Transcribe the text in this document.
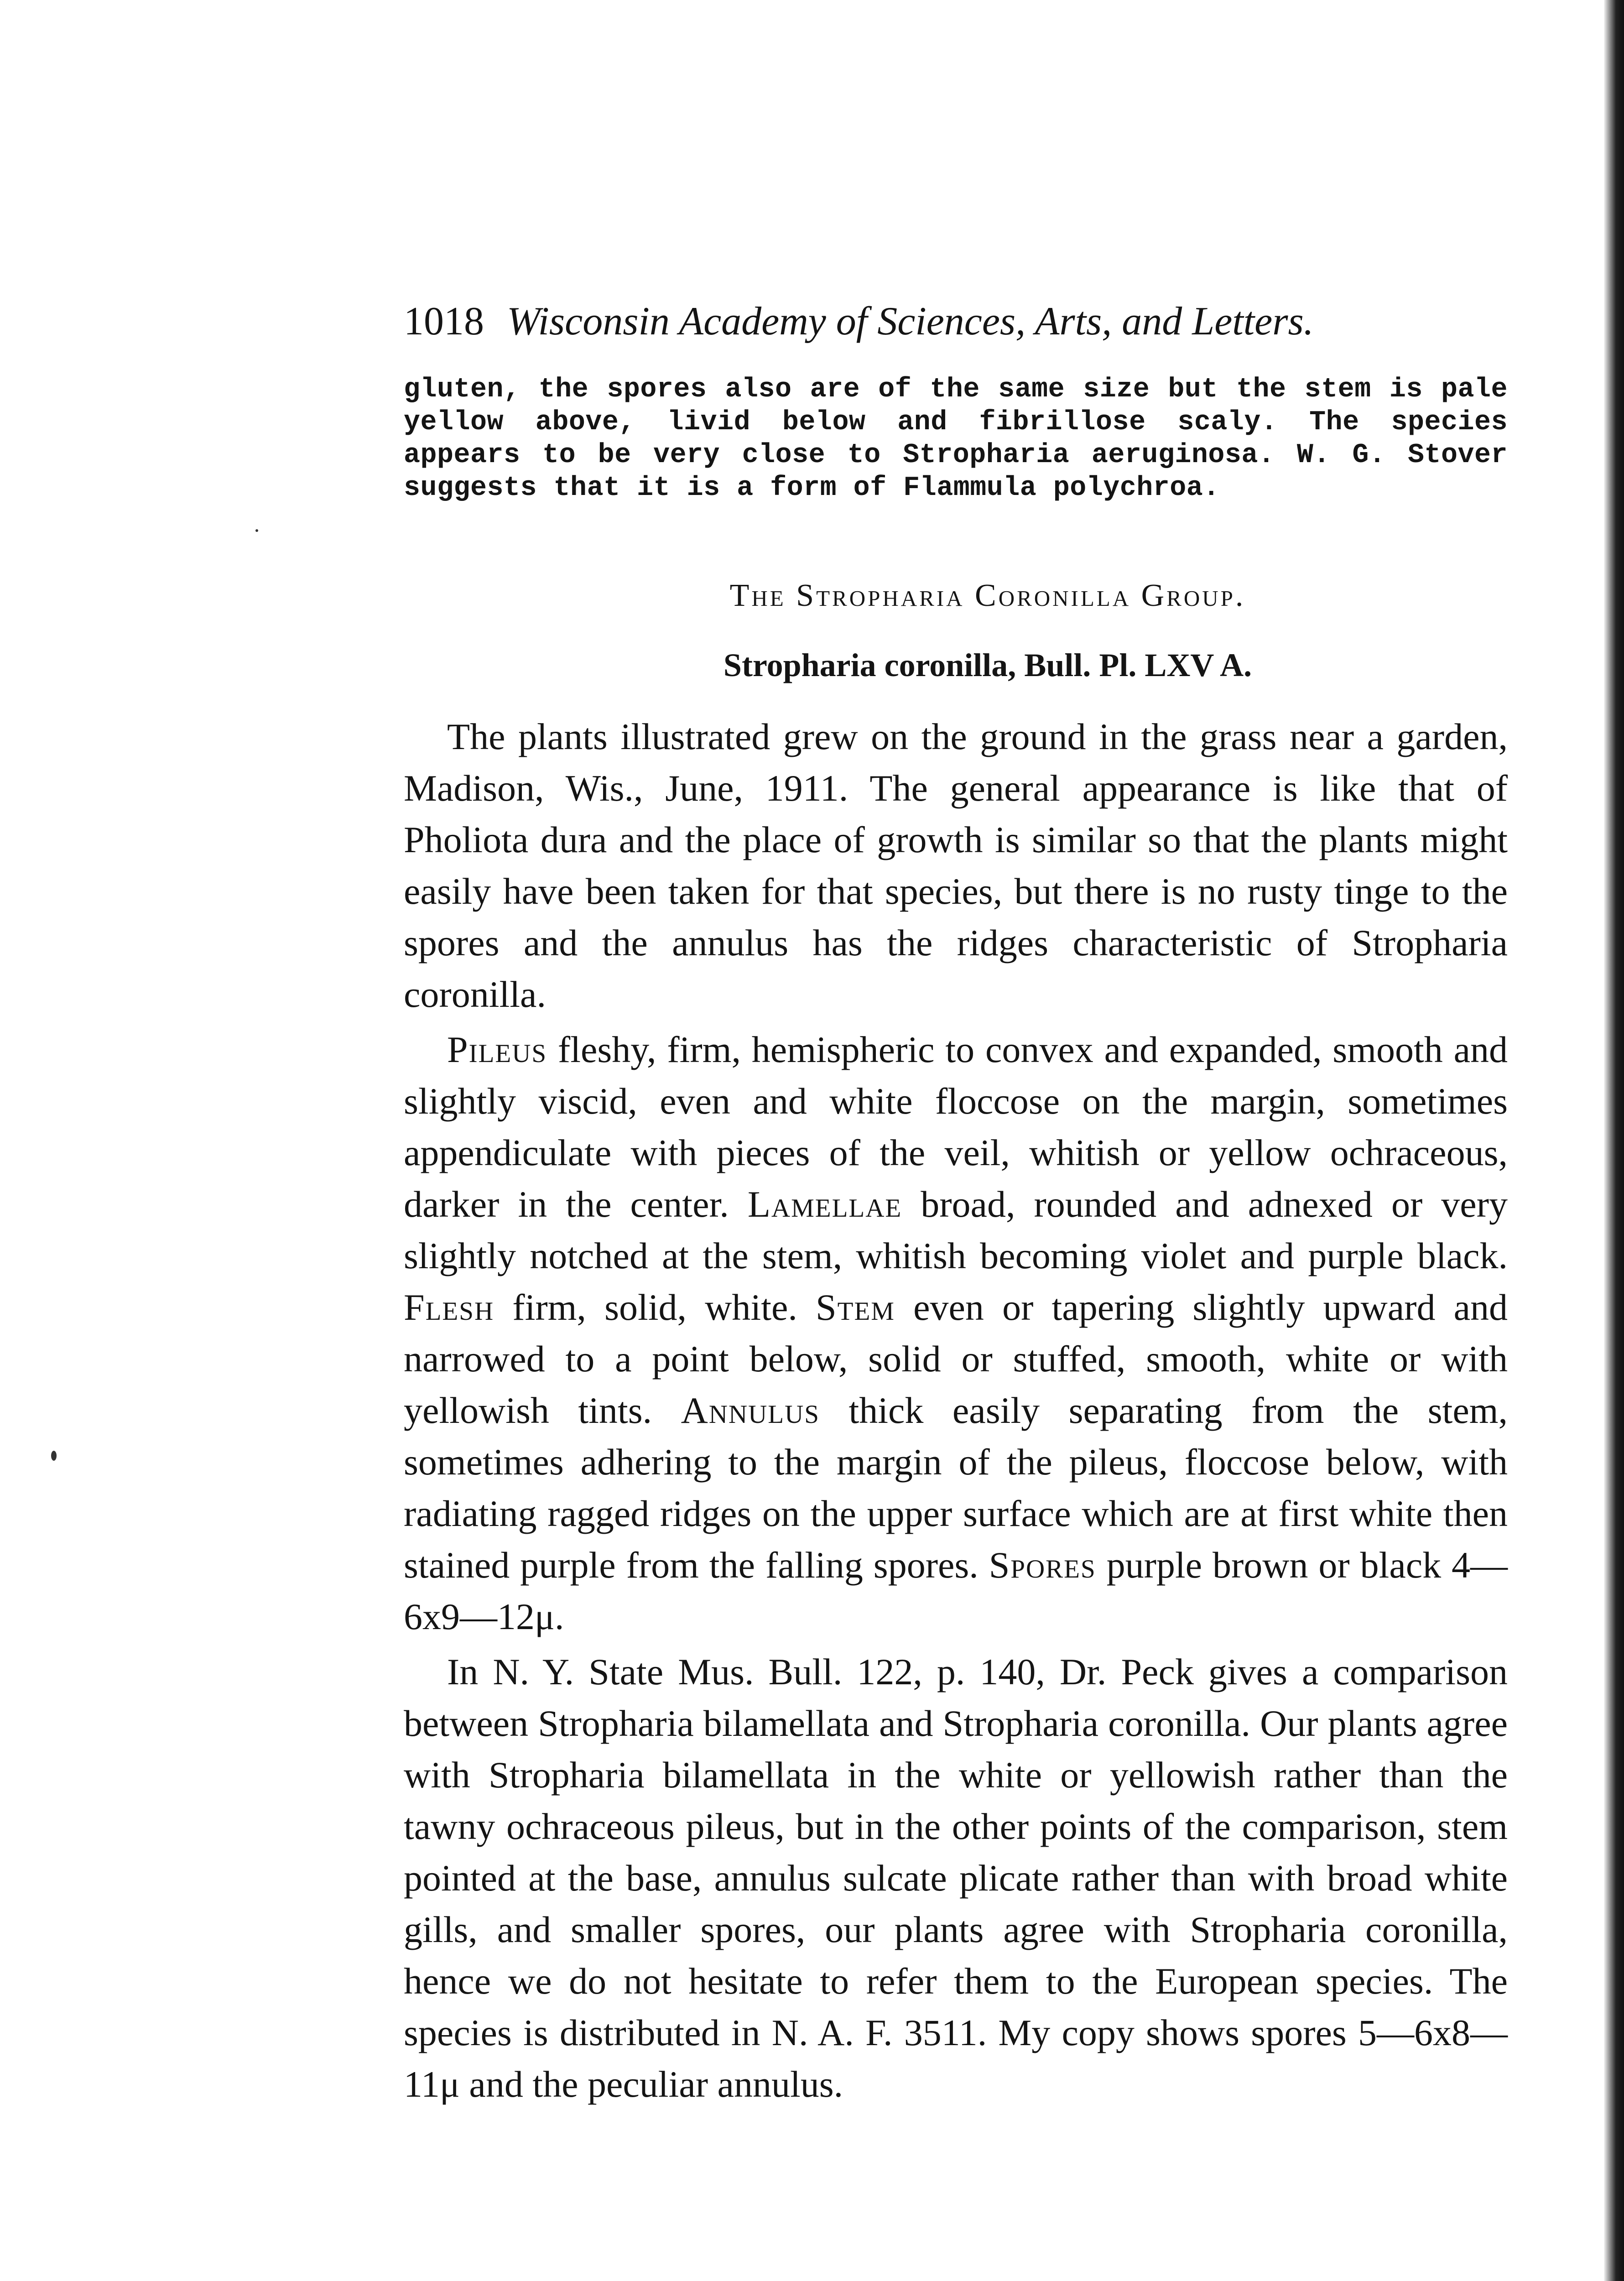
1018 Wisconsin Academy of Sciences, Arts, and Letters.
gluten, the spores also are of the same size but the stem is pale yellow above, livid below and fibrillose scaly. The species appears to be very close to Stropharia aeruginosa. W. G. Stover suggests that it is a form of Flammula polychroa.
The Stropharia Coronilla Group.
Stropharia coronilla, Bull. Pl. LXV A.

The plants illustrated grew on the ground in the grass near a garden, Madison, Wis., June, 1911. The general appearance is like that of Pholiota dura and the place of growth is similar so that the plants might easily have been taken for that species, but there is no rusty tinge to the spores and the annulus has the ridges characteristic of Stropharia coronilla.

Pileus fleshy, firm, hemispheric to convex and expanded, smooth and slightly viscid, even and white floccose on the margin, sometimes appendiculate with pieces of the veil, whitish or yellow ochraceous, darker in the center. Lamellae broad, rounded and adnexed or very slightly notched at the stem, whitish becoming violet and purple black. Flesh firm, solid, white. Stem even or tapering slightly upward and narrowed to a point below, solid or stuffed, smooth, white or with yellowish tints. Annulus thick easily separating from the stem, sometimes adhering to the margin of the pileus, floccose below, with radiating ragged ridges on the upper surface which are at first white then stained purple from the falling spores. Spores purple brown or black 4—6x9—12μ.

In N. Y. State Mus. Bull. 122, p. 140, Dr. Peck gives a comparison between Stropharia bilamellata and Stropharia coronilla. Our plants agree with Stropharia bilamellata in the white or yellowish rather than the tawny ochraceous pileus, but in the other points of the comparison, stem pointed at the base, annulus sulcate plicate rather than with broad white gills, and smaller spores, our plants agree with Stropharia coronilla, hence we do not hesitate to refer them to the European species. The species is distributed in N. A. F. 3511. My copy shows spores 5—6x8—11μ and the peculiar annulus.
